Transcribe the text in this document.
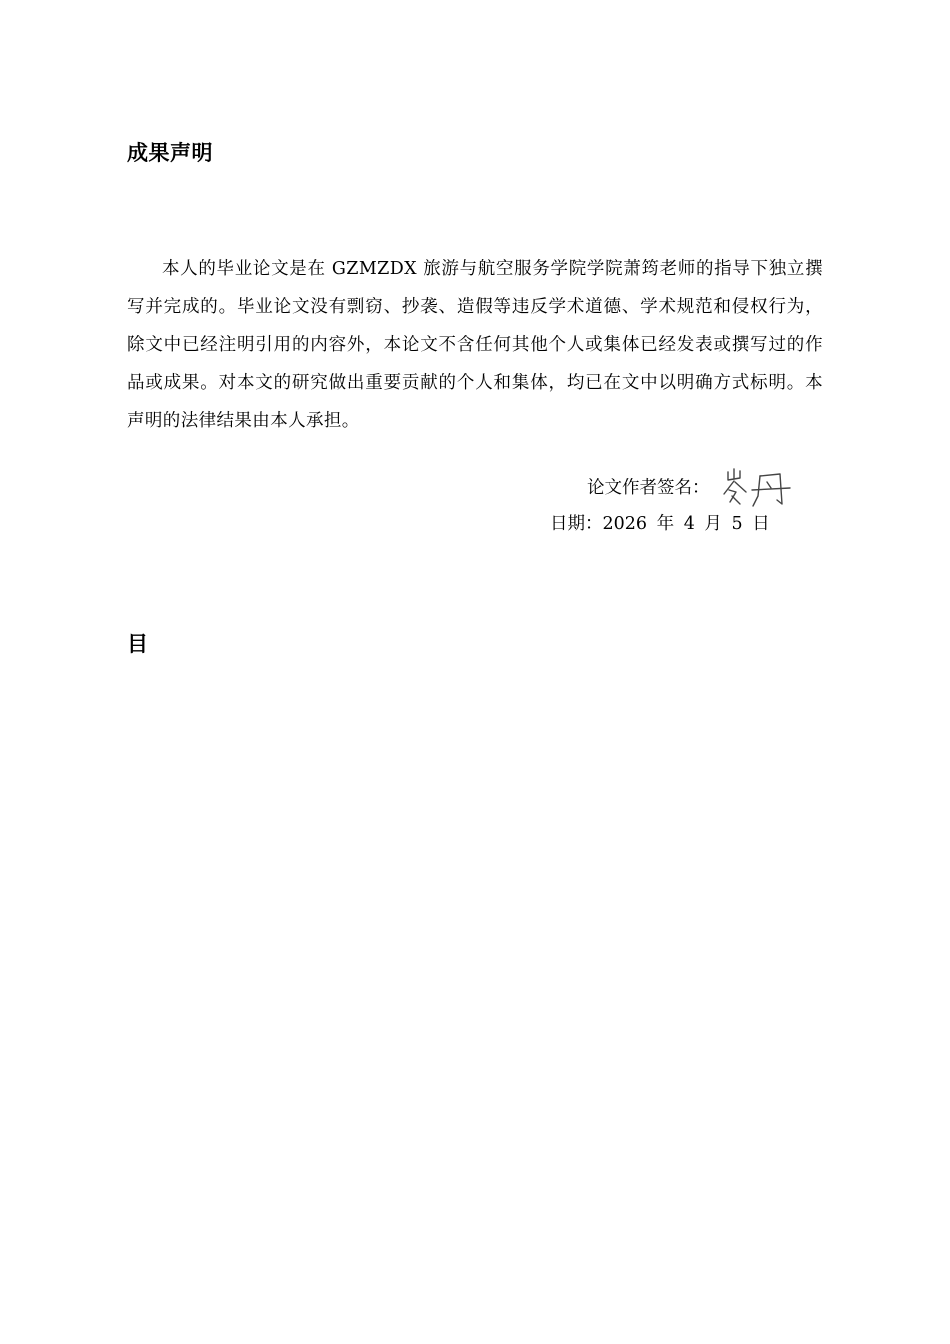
成果声明

本人的毕业论文是在 GZMZDX 旅游与航空服务学院学院萧筠老师的指导下独立撰写并完成的。毕业论文没有剽窃、抄袭、造假等违反学术道德、学术规范和侵权行为，除文中已经注明引用的内容外，本论文不含任何其他个人或集体已经发表或撰写过的作品或成果。对本文的研究做出重要贡献的个人和集体，均已在文中以明确方式标明。本声明的法律结果由本人承担。

论文作者签名：
日期：2026 年 4 月 5 日
目
